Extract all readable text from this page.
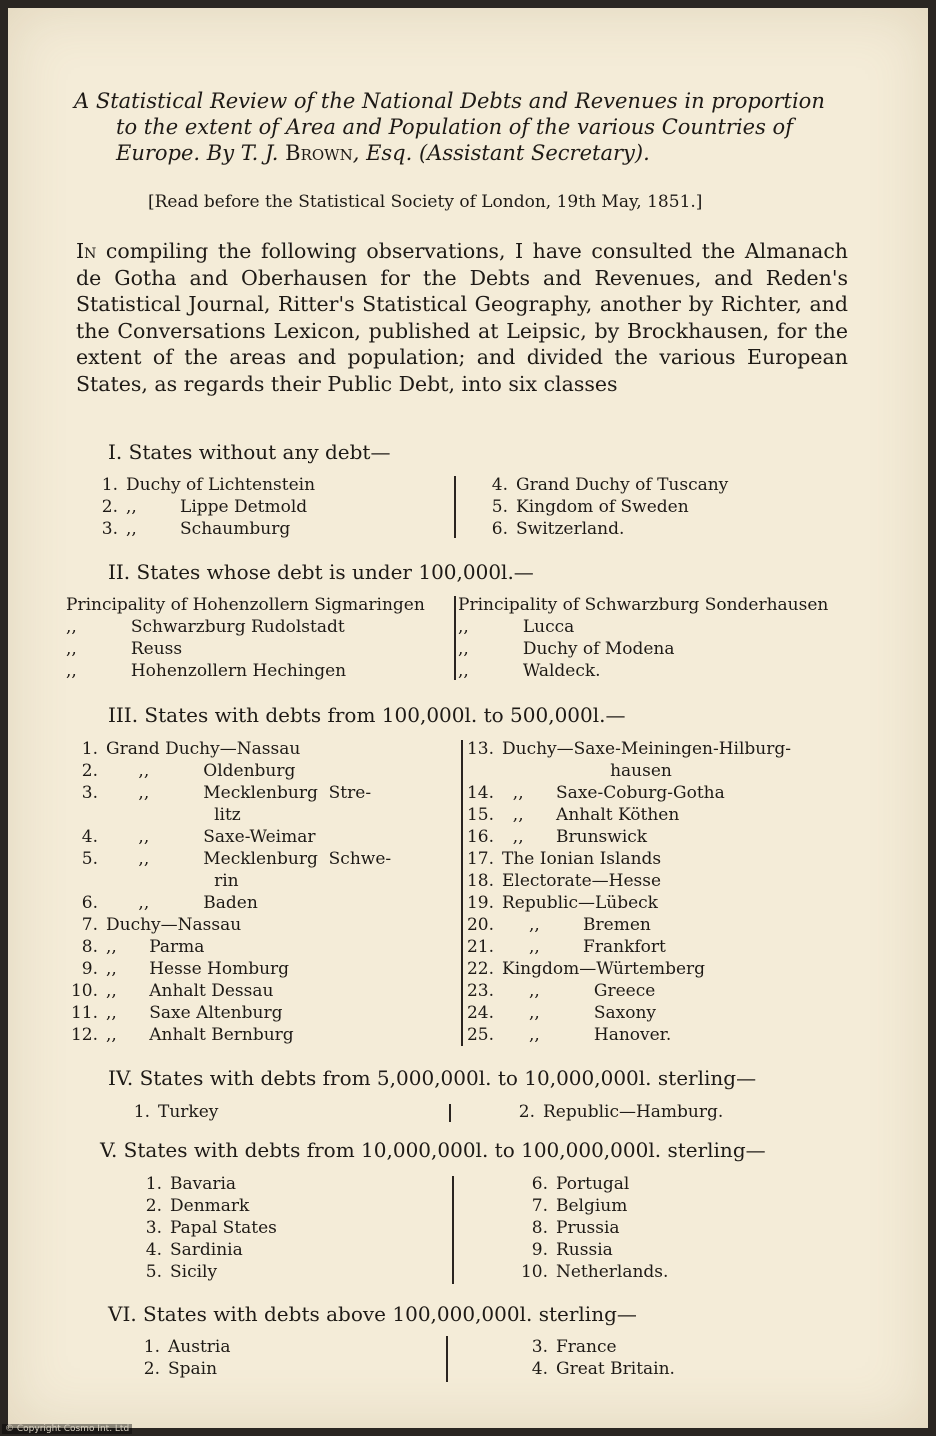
A Statistical Review of the National Debts and Revenues in proportion
to the extent of Area and Population of the various Countries of
Europe. By T. J. Brown, Esq. (Assistant Secretary).
[Read before the Statistical Society of London, 19th May, 1851.]
In compiling the following observations, I have consulted the Almanach de Gotha and Oberhausen for the Debts and Revenues, and Reden's Statistical Journal, Ritter's Statistical Geography, another by Richter, and the Conversations Lexicon, published at Leipsic, by Brockhausen, for the extent of the areas and population; and divided the various European States, as regards their Public Debt, into six classes
I. States without any debt—
1. Duchy of Lichtenstein
2. ,,        Lippe Detmold
3. ,,        Schaumburg
4. Grand Duchy of Tuscany
5. Kingdom of Sweden
6. Switzerland.
II. States whose debt is under 100,000l.—
Principality of Hohenzollern Sigmaringen
,,          Schwarzburg Rudolstadt
,,          Reuss
,,          Hohenzollern Hechingen
Principality of Schwarzburg Sonderhausen
,,          Lucca
,,          Duchy of Modena
,,          Waldeck.
III. States with debts from 100,000l. to 500,000l.—
1. Grand Duchy—Nassau
2.      ,,          Oldenburg
3.      ,,          Mecklenburg  Stre-
litz
4.      ,,          Saxe-Weimar
5.      ,,          Mecklenburg  Schwe-
rin
6.      ,,          Baden
7. Duchy—Nassau
8. ,,      Parma
9. ,,      Hesse Homburg
10. ,,      Anhalt Dessau
11. ,,      Saxe Altenburg
12. ,,      Anhalt Bernburg
13. Duchy—Saxe-Meiningen-Hilburg-
hausen
14.  ,,      Saxe-Coburg-Gotha
15.  ,,      Anhalt Köthen
16.  ,,      Brunswick
17. The Ionian Islands
18. Electorate—Hesse
19. Republic—Lübeck
20.     ,,        Bremen
21.     ,,        Frankfort
22. Kingdom—Würtemberg
23.     ,,          Greece
24.     ,,          Saxony
25.     ,,          Hanover.
IV. States with debts from 5,000,000l. to 10,000,000l. sterling—
1. Turkey	2. Republic—Hamburg.
V. States with debts from 10,000,000l. to 100,000,000l. sterling—
1. Bavaria
2. Denmark
3. Papal States
4. Sardinia
5. Sicily
6. Portugal
7. Belgium
8. Prussia
9. Russia
10. Netherlands.
VI. States with debts above 100,000,000l. sterling—
1. Austria
2. Spain
3. France
4. Great Britain.
© Copyright Cosmo Int. Ltd
